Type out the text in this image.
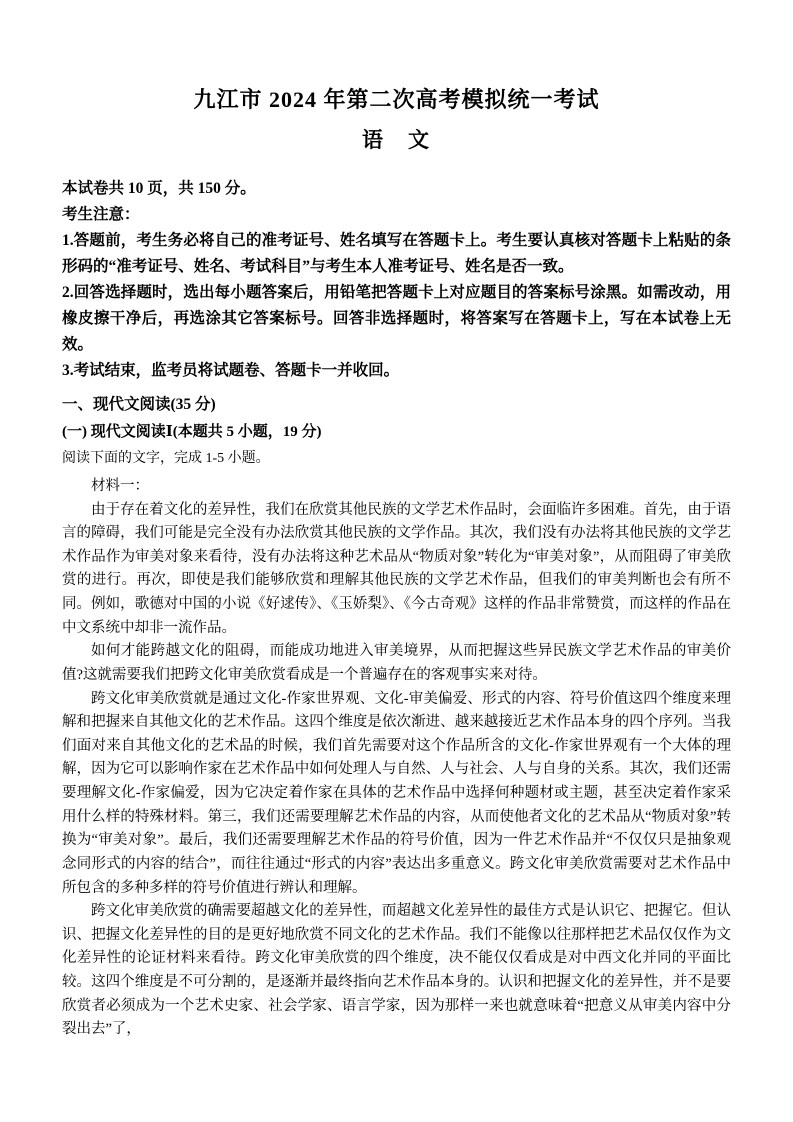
九江市 2024 年第二次高考模拟统一考试
语　文

本试卷共 10 页，共 150 分。

考生注意：

1.答题前，考生务必将自己的准考证号、姓名填写在答题卡上。考生要认真核对答题卡上粘贴的条形码的“准考证号、姓名、考试科目”与考生本人准考证号、姓名是否一致。

2.回答选择题时，选出每小题答案后，用铅笔把答题卡上对应题目的答案标号涂黑。如需改动，用橡皮擦干净后，再选涂其它答案标号。回答非选择题时，将答案写在答题卡上，写在本试卷上无效。

3.考试结束，监考员将试题卷、答题卡一并收回。

一、现代文阅读(35 分)

(一) 现代文阅读Ⅰ(本题共 5 小题，19 分)

阅读下面的文字，完成 1-5 小题。

材料一：

由于存在着文化的差异性，我们在欣赏其他民族的文学艺术作品时，会面临许多困难。首先，由于语言的障碍，我们可能是完全没有办法欣赏其他民族的文学作品。其次，我们没有办法将其他民族的文学艺术作品作为审美对象来看待，没有办法将这种艺术品从“物质对象”转化为“审美对象”，从而阻碍了审美欣赏的进行。再次，即使是我们能够欣赏和理解其他民族的文学艺术作品，但我们的审美判断也会有所不同。例如，歌德对中国的小说《好逑传》、《玉娇梨》、《今古奇观》这样的作品非常赞赏，而这样的作品在中文系统中却非一流作品。

如何才能跨越文化的阻碍，而能成功地进入审美境界，从而把握这些异民族文学艺术作品的审美价值?这就需要我们把跨文化审美欣赏看成是一个普遍存在的客观事实来对待。

跨文化审美欣赏就是通过文化-作家世界观、文化-审美偏爱、形式的内容、符号价值这四个维度来理解和把握来自其他文化的艺术作品。这四个维度是依次渐进、越来越接近艺术作品本身的四个序列。当我们面对来自其他文化的艺术品的时候，我们首先需要对这个作品所含的文化-作家世界观有一个大体的理解，因为它可以影响作家在艺术作品中如何处理人与自然、人与社会、人与自身的关系。其次，我们还需要理解文化-作家偏爱，因为它决定着作家在具体的艺术作品中选择何种题材或主题，甚至决定着作家采用什么样的特殊材料。第三，我们还需要理解艺术作品的内容，从而使他者文化的艺术品从“物质对象”转换为“审美对象”。最后，我们还需要理解艺术作品的符号价值，因为一件艺术作品并“不仅仅只是抽象观念同形式的内容的结合”，而往往通过“形式的内容”表达出多重意义。跨文化审美欣赏需要对艺术作品中所包含的多种多样的符号价值进行辨认和理解。

跨文化审美欣赏的确需要超越文化的差异性，而超越文化差异性的最佳方式是认识它、把握它。但认识、把握文化差异性的目的是更好地欣赏不同文化的艺术作品。我们不能像以往那样把艺术品仅仅作为文化差异性的论证材料来看待。跨文化审美欣赏的四个维度，决不能仅仅看成是对中西文化并同的平面比较。这四个维度是不可分割的，是逐渐并最终指向艺术作品本身的。认识和把握文化的差异性，并不是要欣赏者必须成为一个艺术史家、社会学家、语言学家，因为那样一来也就意味着“把意义从审美内容中分裂出去”了，
